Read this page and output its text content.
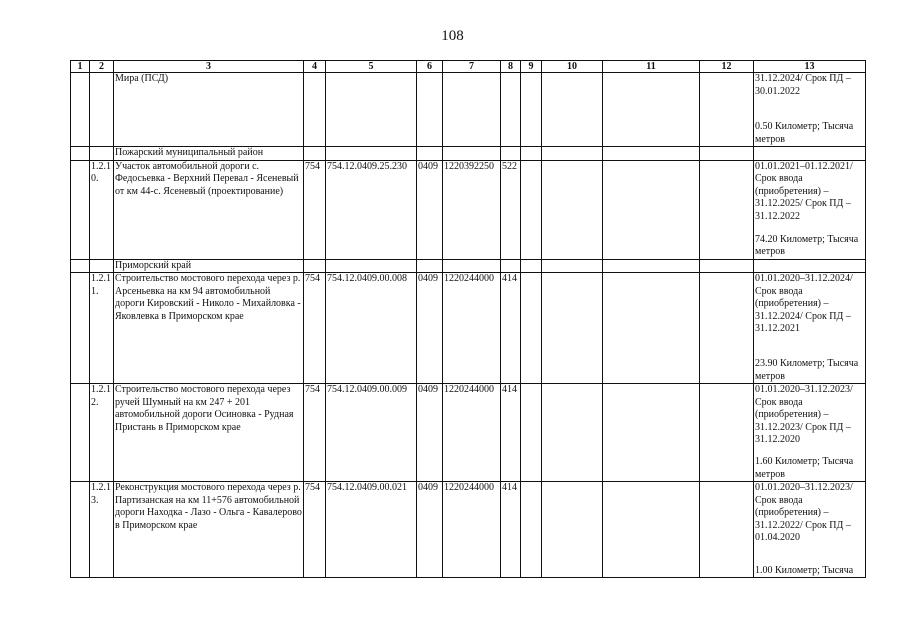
108
1	2	3	4	5	6	7	8	9	10	11	12	13
		Мира (ПСД)										31.12.2024/ Срок ПД – 30.01.2022
0.50 Километр; Тысяча метров

		Пожарский муниципальный район										
	1.2.1 0.	Участок автомобильной дороги с. Федосьевка - Верхний Перевал - Ясеневый от км 44-с. Ясеневый (проектирование)	754	754.12.0409.25.230	0409	1220392250	522					01.01.2021–01.12.2021/ Срок ввода (приобретения) – 31.12.2025/ Срок ПД – 31.12.2022
74.20 Километр; Тысяча метров

		Приморский край										
	1.2.1 1.	Строительство мостового перехода через р. Арсеньевка на км 94 автомобильной дороги Кировский - Николо - Михайловка - Яковлевка в Приморском крае	754	754.12.0409.00.008	0409	1220244000	414					01.01.2020–31.12.2024/ Срок ввода (приобретения) – 31.12.2024/ Срок ПД – 31.12.2021
23.90 Километр; Тысяча метров

	1.2.1 2.	Строительство мостового перехода через ручей Шумный на км 247 + 201 автомобильной дороги Осиновка - Рудная Пристань в Приморском крае	754	754.12.0409.00.009	0409	1220244000	414					01.01.2020–31.12.2023/ Срок ввода (приобретения) – 31.12.2023/ Срок ПД – 31.12.2020
1.60 Километр; Тысяча метров

	1.2.1 3.	Реконструкция мостового перехода через р. Партизанская на км 11+576 автомобильной дороги Находка - Лазо - Ольга - Кавалерово в Приморском крае	754	754.12.0409.00.021	0409	1220244000	414					01.01.2020–31.12.2023/ Срок ввода (приобретения) – 31.12.2022/ Срок ПД – 01.04.2020
1.00 Километр; Тысяча
